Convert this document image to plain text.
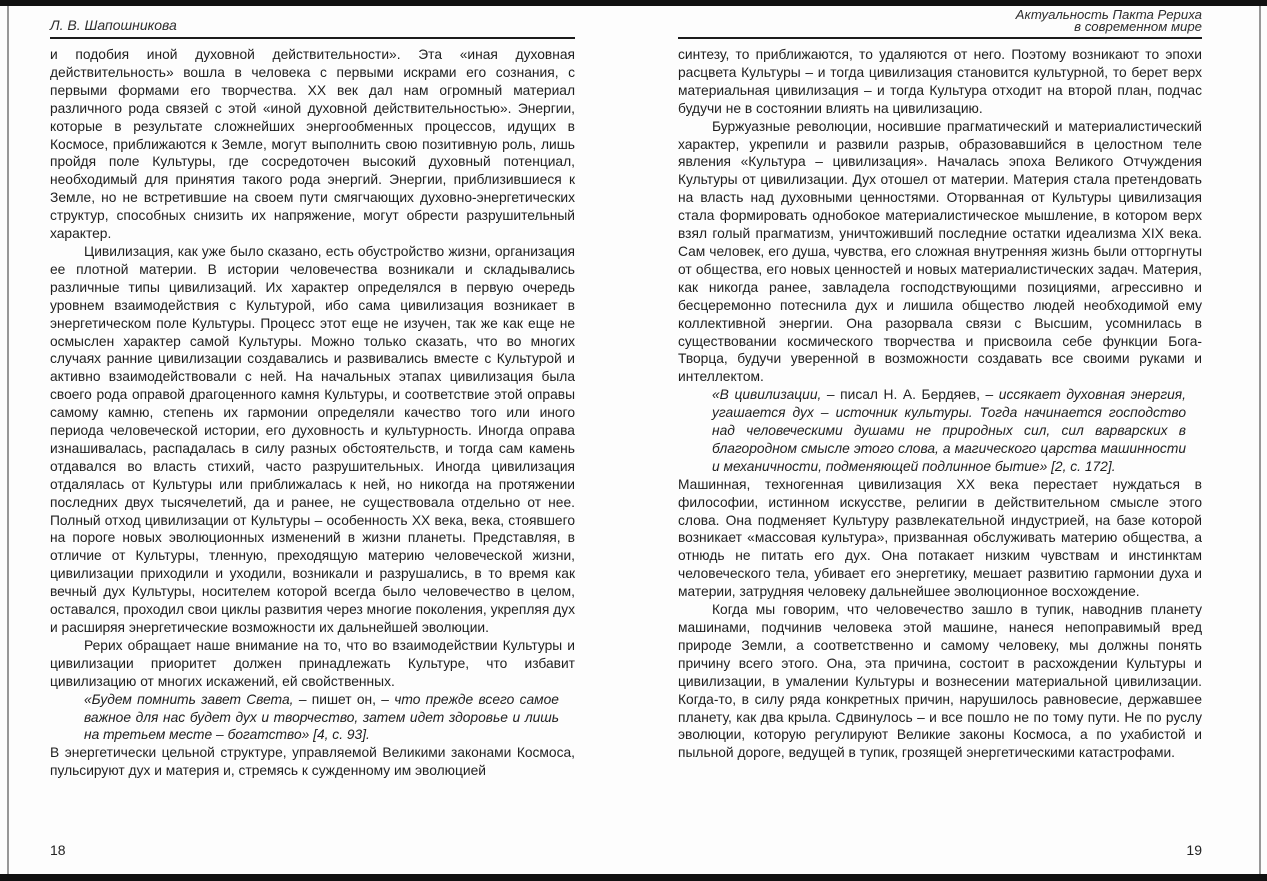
Л. В. Шапошникова

и подобия иной духовной действительности». Эта «иная духовная действительность» вошла в человека с первыми искрами его сознания, с первыми формами его творчества. XX век дал нам огромный материал различного рода связей с этой «иной духовной действительностью». Энергии, которые в результате сложнейших энергообменных процессов, идущих в Космосе, приближаются к Земле, могут выполнить свою позитивную роль, лишь пройдя поле Культуры, где сосредоточен высокий духовный потенциал, необходимый для принятия такого рода энергий. Энергии, приблизившиеся к Земле, но не встретившие на своем пути смягчающих духовно-энергетических структур, способных снизить их напряжение, могут обрести разрушительный характер.

Цивилизация, как уже было сказано, есть обустройство жизни, организация ее плотной материи. В истории человечества возникали и складывались различные типы цивилизаций. Их характер определялся в первую очередь уровнем взаимодействия с Культурой, ибо сама цивилизация возникает в энергетическом поле Культуры. Процесс этот еще не изучен, так же как еще не осмыслен характер самой Культуры. Можно только сказать, что во многих случаях ранние цивилизации создавались и развивались вместе с Культурой и активно взаимодействовали с ней. На начальных этапах цивилизация была своего рода оправой драгоценного камня Культуры, и соответствие этой оправы самому камню, степень их гармонии определяли качество того или иного периода человеческой истории, его духовность и культурность. Иногда оправа изнашивалась, распадалась в силу разных обстоятельств, и тогда сам камень отдавался во власть стихий, часто разрушительных. Иногда цивилизация отдалялась от Культуры или приближалась к ней, но никогда на протяжении последних двух тысячелетий, да и ранее, не существовала отдельно от нее. Полный отход цивилизации от Культуры – особенность XX века, века, стоявшего на пороге новых эволюционных изменений в жизни планеты. Представляя, в отличие от Культуры, тленную, преходящую материю человеческой жизни, цивилизации приходили и уходили, возникали и разрушались, в то время как вечный дух Культуры, носителем которой всегда было человечество в целом, оставался, проходил свои циклы развития через многие поколения, укрепляя дух и расширяя энергетические возможности их дальнейшей эволюции.

Рерих обращает наше внимание на то, что во взаимодействии Культуры и цивилизации приоритет должен принадлежать Культуре, что избавит цивилизацию от многих искажений, ей свойственных.

«Будем помнить завет Света, – пишет он, – что прежде всего самое важное для нас будет дух и творчество, затем идет здоровье и лишь на третьем месте – богатство» [4, с. 93].

В энергетически цельной структуре, управляемой Великими законами Космоса, пульсируют дух и материя и, стремясь к сужденному им эволюцией

18
Актуальность Пакта Рериха
в современном мире

синтезу, то приближаются, то удаляются от него. Поэтому возникают то эпохи расцвета Культуры – и тогда цивилизация становится культурной, то берет верх материальная цивилизация – и тогда Культура отходит на второй план, подчас будучи не в состоянии влиять на цивилизацию.

Буржуазные революции, носившие прагматический и материалистический характер, укрепили и развили разрыв, образовавшийся в целостном теле явления «Культура – цивилизация». Началась эпоха Великого Отчуждения Культуры от цивилизации. Дух отошел от материи. Материя стала претендовать на власть над духовными ценностями. Оторванная от Культуры цивилизация стала формировать однобокое материалистическое мышление, в котором верх взял голый прагматизм, уничтоживший последние остатки идеализма XIX века. Сам человек, его душа, чувства, его сложная внутренняя жизнь были отторгнуты от общества, его новых ценностей и новых материалистических задач. Материя, как никогда ранее, завладела господствующими позициями, агрессивно и бесцеремонно потеснила дух и лишила общество людей необходимой ему коллективной энергии. Она разорвала связи с Высшим, усомнилась в существовании космического творчества и присвоила себе функции Бога-Творца, будучи уверенной в возможности создавать все своими руками и интеллектом.

«В цивилизации, – писал Н. А. Бердяев, – иссякает духовная энергия, угашается дух – источник культуры. Тогда начинается господство над человеческими душами не природных сил, сил варварских в благородном смысле этого слова, а магического царства машинности и механичности, подменяющей подлинное бытие» [2, с. 172].

Машинная, техногенная цивилизация XX века перестает нуждаться в философии, истинном искусстве, религии в действительном смысле этого слова. Она подменяет Культуру развлекательной индустрией, на базе которой возникает «массовая культура», призванная обслуживать материю общества, а отнюдь не питать его дух. Она потакает низким чувствам и инстинктам человеческого тела, убивает его энергетику, мешает развитию гармонии духа и материи, затрудняя человеку дальнейшее эволюционное восхождение.

Когда мы говорим, что человечество зашло в тупик, наводнив планету машинами, подчинив человека этой машине, нанеся непоправимый вред природе Земли, а соответственно и самому человеку, мы должны понять причину всего этого. Она, эта причина, состоит в расхождении Культуры и цивилизации, в умалении Культуры и вознесении материальной цивилизации. Когда-то, в силу ряда конкретных причин, нарушилось равновесие, державшее планету, как два крыла. Сдвинулось – и все пошло не по тому пути. Не по руслу эволюции, которую регулируют Великие законы Космоса, а по ухабистой и пыльной дороге, ведущей в тупик, грозящей энергетическими катастрофами.

19
